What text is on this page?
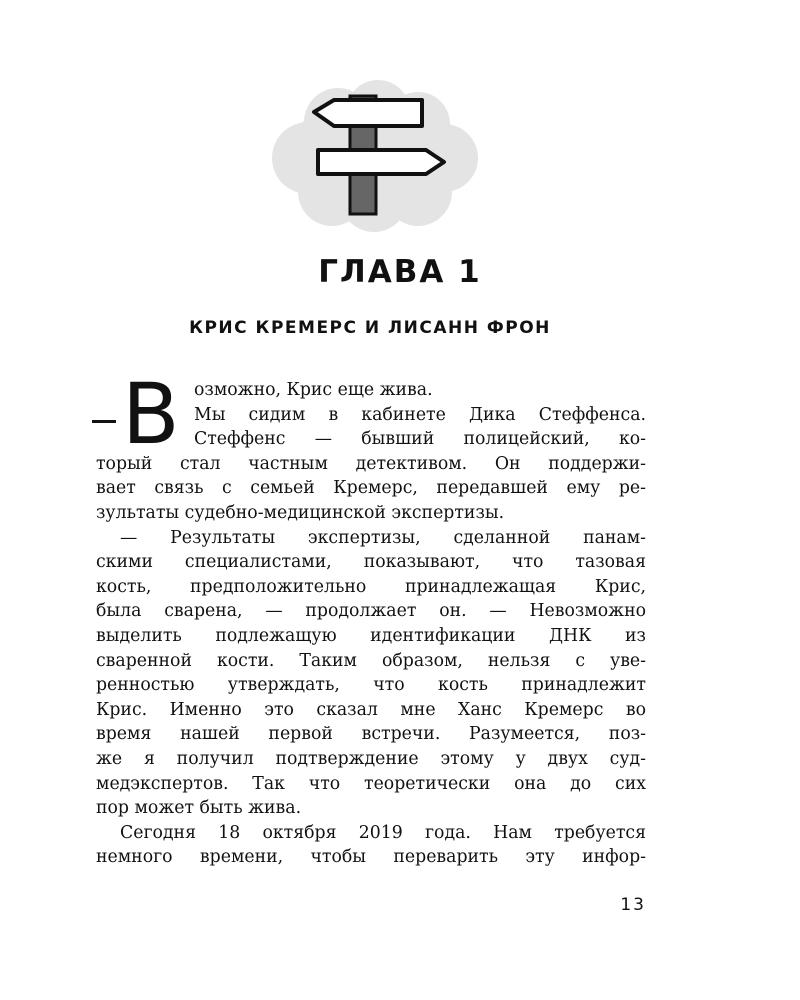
ГЛАВА 1
КРИС КРЕМЕРС И ЛИСАНН ФРОН
В озможно, Крис еще жива.
Мы сидим в кабинете Дика Стеффенса.
Стеффенс — бывший полицейский, ко-
торый стал частным детективом. Он поддержи-
вает связь с семьей Кремерс, передавшей ему ре-
зультаты судебно-медицинской экспертизы.
— Результаты экспертизы, сделанной панам-
скими специалистами, показывают, что тазовая
кость, предположительно принадлежащая Крис,
была сварена, — продолжает он. — Невозможно
выделить подлежащую идентификации ДНК из
сваренной кости. Таким образом, нельзя с уве-
ренностью утверждать, что кость принадлежит
Крис. Именно это сказал мне Ханс Кремерс во
время нашей первой встречи. Разумеется, поз-
же я получил подтверждение этому у двух суд-
медэкспертов. Так что теоретически она до сих
пор может быть жива.
Сегодня 18 октября 2019 года. Нам требуется
немного времени, чтобы переварить эту инфор-
13
